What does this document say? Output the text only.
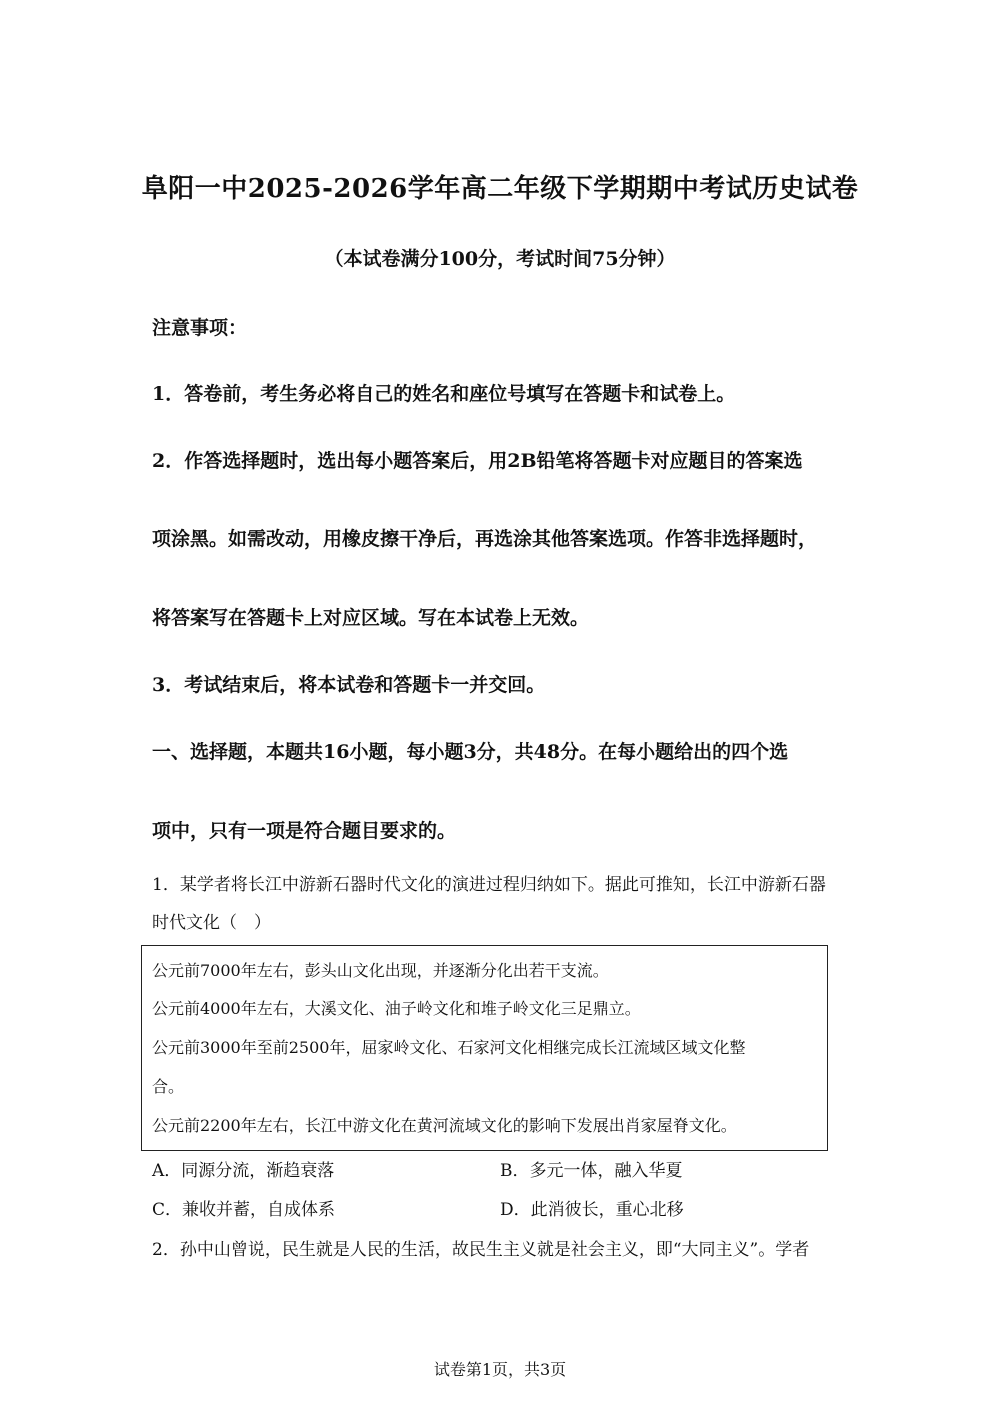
阜阳一中2025-2026学年高二年级下学期期中考试历史试卷
（本试卷满分100分，考试时间75分钟）
注意事项：
1．答卷前，考生务必将自己的姓名和座位号填写在答题卡和试卷上。
2．作答选择题时，选出每小题答案后，用2B铅笔将答题卡对应题目的答案选
项涂黑。如需改动，用橡皮擦干净后，再选涂其他答案选项。作答非选择题时，
将答案写在答题卡上对应区域。写在本试卷上无效。
3．考试结束后，将本试卷和答题卡一并交回。
一、选择题，本题共16小题，每小题3分，共48分。在每小题给出的四个选
项中，只有一项是符合题目要求的。
1．某学者将长江中游新石器时代文化的演进过程归纳如下。据此可推知，长江中游新石器
时代文化（　）
公元前7000年左右，彭头山文化出现，并逐渐分化出若干支流。
公元前4000年左右，大溪文化、油子岭文化和堆子岭文化三足鼎立。
公元前3000年至前2500年，屈家岭文化、石家河文化相继完成长江流域区域文化整
合。
公元前2200年左右，长江中游文化在黄河流域文化的影响下发展出肖家屋脊文化。
A．同源分流，渐趋衰落	B．多元一体，融入华夏
C．兼收并蓄，自成体系	D．此消彼长，重心北移
2．孙中山曾说，民生就是人民的生活，故民生主义就是社会主义，即“大同主义”。学者
试卷第1页，共3页
